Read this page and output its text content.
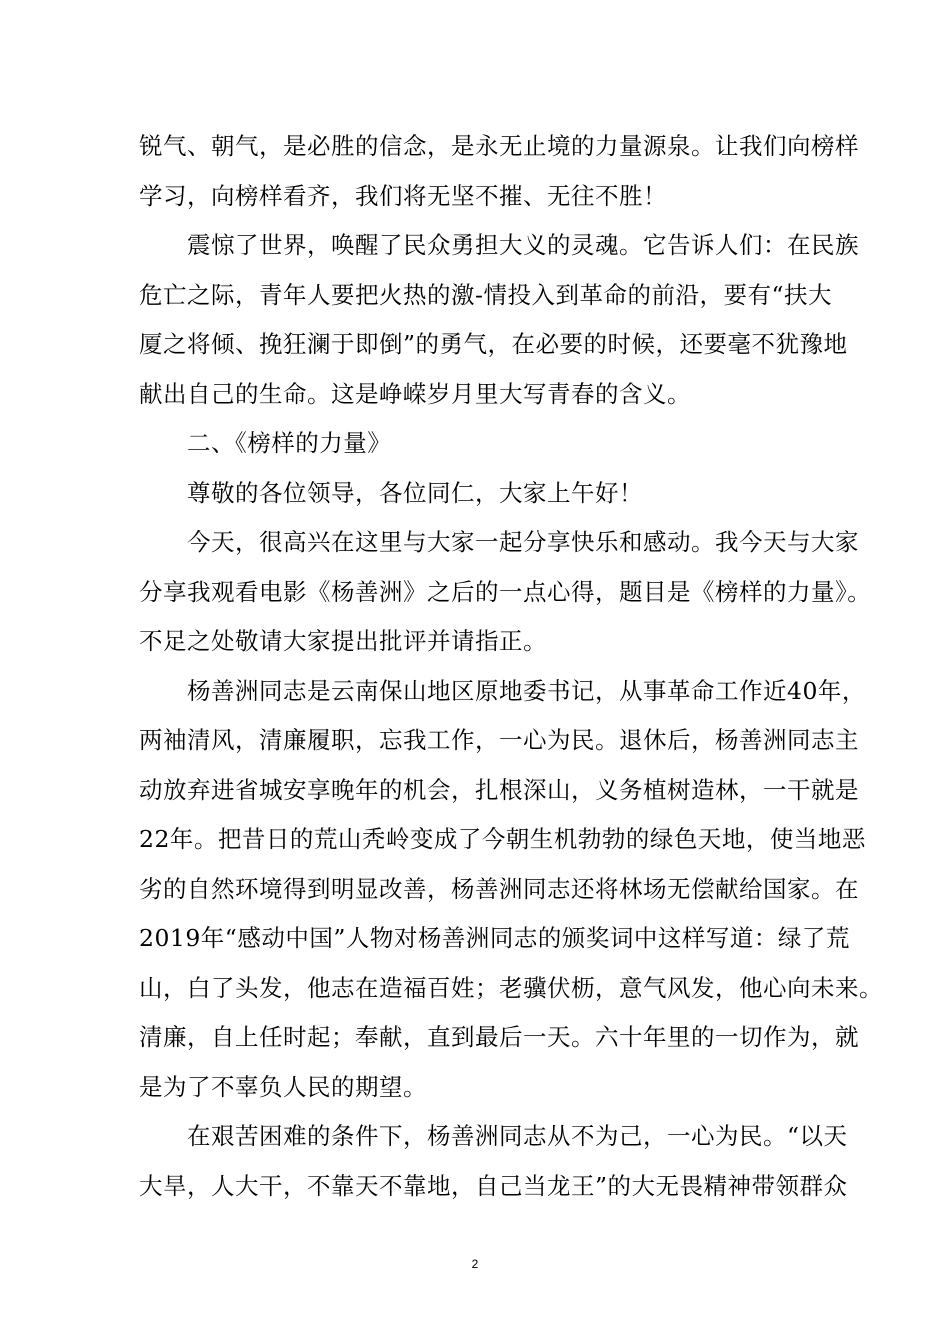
锐气、朝气，是必胜的信念，是永无止境的力量源泉。让我们向榜样
学习，向榜样看齐，我们将无坚不摧、无往不胜！
震惊了世界，唤醒了民众勇担大义的灵魂。它告诉人们：在民族
危亡之际，青年人要把火热的激-情投入到革命的前沿，要有“扶大
厦之将倾、挽狂澜于即倒”的勇气，在必要的时候，还要毫不犹豫地
献出自己的生命。这是峥嵘岁月里大写青春的含义。
二、《榜样的力量》
尊敬的各位领导，各位同仁，大家上午好！
今天，很高兴在这里与大家一起分享快乐和感动。我今天与大家
分享我观看电影《杨善洲》之后的一点心得，题目是《榜样的力量》。
不足之处敬请大家提出批评并请指正。
杨善洲同志是云南保山地区原地委书记，从事革命工作近40年，
两袖清风，清廉履职，忘我工作，一心为民。退休后，杨善洲同志主
动放弃进省城安享晚年的机会，扎根深山，义务植树造林，一干就是
22年。把昔日的荒山秃岭变成了今朝生机勃勃的绿色天地，使当地恶
劣的自然环境得到明显改善，杨善洲同志还将林场无偿献给国家。在
2019年“感动中国”人物对杨善洲同志的颁奖词中这样写道：绿了荒
山，白了头发，他志在造福百姓；老骥伏枥，意气风发，他心向未来。
清廉，自上任时起；奉献，直到最后一天。六十年里的一切作为，就
是为了不辜负人民的期望。
在艰苦困难的条件下，杨善洲同志从不为己，一心为民。“以天
大旱，人大干，不靠天不靠地，自己当龙王”的大无畏精神带领群众
2
